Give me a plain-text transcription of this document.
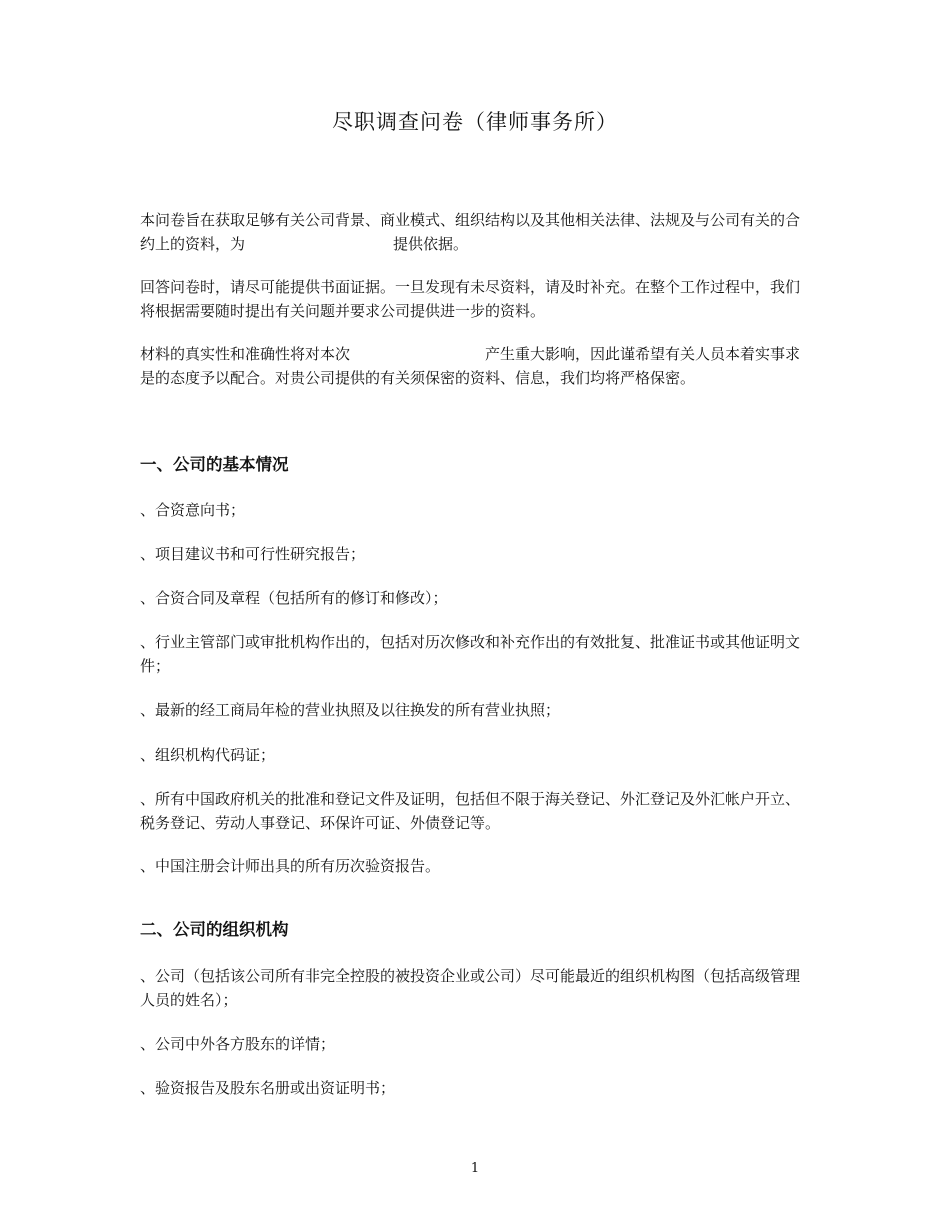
尽职调查问卷（律师事务所）

本问卷旨在获取足够有关公司背景、商业模式、组织结构以及其他相关法律、法规及与公司有关的合约上的资料，为	提供依据。

回答问卷时，请尽可能提供书面证据。一旦发现有未尽资料，请及时补充。在整个工作过程中，我们将根据需要随时提出有关问题并要求公司提供进一步的资料。

材料的真实性和准确性将对本次	产生重大影响，因此谨希望有关人员本着实事求是的态度予以配合。对贵公司提供的有关须保密的资料、信息，我们均将严格保密。

一、公司的基本情况

、合资意向书；

、项目建议书和可行性研究报告；

、合资合同及章程（包括所有的修订和修改）；

、行业主管部门或审批机构作出的，包括对历次修改和补充作出的有效批复、批准证书或其他证明文件；

、最新的经工商局年检的营业执照及以往换发的所有营业执照；

、组织机构代码证；

、所有中国政府机关的批准和登记文件及证明，包括但不限于海关登记、外汇登记及外汇帐户开立、税务登记、劳动人事登记、环保许可证、外债登记等。

、中国注册会计师出具的所有历次验资报告。

二、公司的组织机构

、公司（包括该公司所有非完全控股的被投资企业或公司）尽可能最近的组织机构图（包括高级管理人员的姓名）；

、公司中外各方股东的详情；

、验资报告及股东名册或出资证明书；

1
